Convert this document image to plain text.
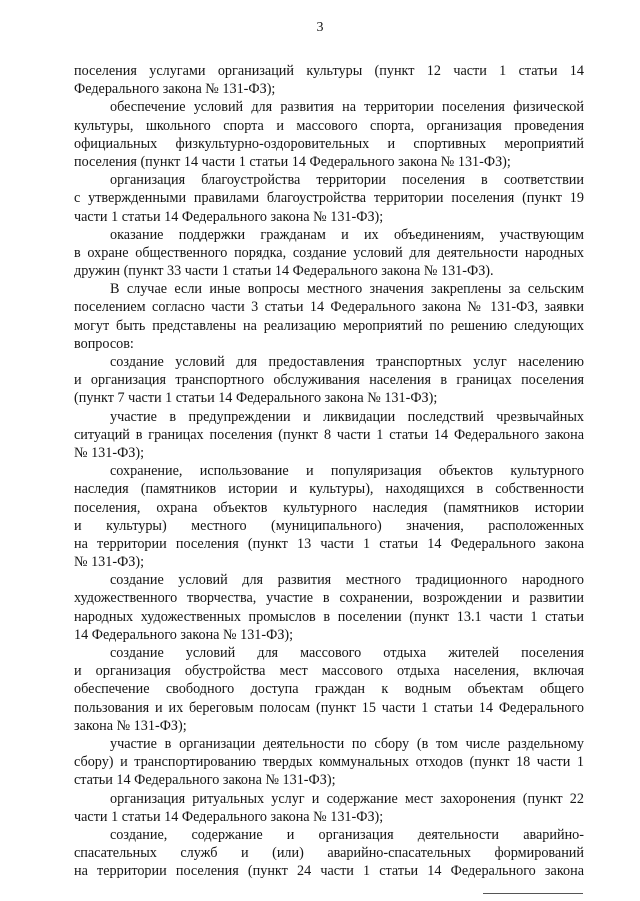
3
поселения услугами организаций культуры (пункт 12 части 1 статьи 14
Федерального закона № 131-ФЗ);
обеспечение условий для развития на территории поселения физической
культуры, школьного спорта и массового спорта, организация проведения
официальных физкультурно-оздоровительных и спортивных мероприятий
поселения (пункт 14 части 1 статьи 14 Федерального закона № 131-ФЗ);
организация благоустройства территории поселения в соответствии
с утвержденными правилами благоустройства территории поселения (пункт 19
части 1 статьи 14 Федерального закона № 131-ФЗ);
оказание поддержки гражданам и их объединениям, участвующим
в охране общественного порядка, создание условий для деятельности народных
дружин (пункт 33 части 1 статьи 14 Федерального закона № 131-ФЗ).
В случае если иные вопросы местного значения закреплены за сельским
поселением согласно части 3 статьи 14 Федерального закона № 131-ФЗ, заявки
могут быть представлены на реализацию мероприятий по решению следующих
вопросов:
создание условий для предоставления транспортных услуг населению
и организация транспортного обслуживания населения в границах поселения
(пункт 7 части 1 статьи 14 Федерального закона № 131-ФЗ);
участие в предупреждении и ликвидации последствий чрезвычайных
ситуаций в границах поселения (пункт 8 части 1 статьи 14 Федерального закона
№ 131-ФЗ);
сохранение, использование и популяризация объектов культурного
наследия (памятников истории и культуры), находящихся в собственности
поселения, охрана объектов культурного наследия (памятников истории
и культуры) местного (муниципального) значения, расположенных
на территории поселения (пункт 13 части 1 статьи 14 Федерального закона
№ 131-ФЗ);
создание условий для развития местного традиционного народного
художественного творчества, участие в сохранении, возрождении и развитии
народных художественных промыслов в поселении (пункт 13.1 части 1 статьи
14 Федерального закона № 131-ФЗ);
создание условий для массового отдыха жителей поселения
и организация обустройства мест массового отдыха населения, включая
обеспечение свободного доступа граждан к водным объектам общего
пользования и их береговым полосам (пункт 15 части 1 статьи 14 Федерального
закона № 131-ФЗ);
участие в организации деятельности по сбору (в том числе раздельному
сбору) и транспортированию твердых коммунальных отходов (пункт 18 части 1
статьи 14 Федерального закона № 131-ФЗ);
организация ритуальных услуг и содержание мест захоронения (пункт 22
части 1 статьи 14 Федерального закона № 131-ФЗ);
создание, содержание и организация деятельности аварийно-
спасательных служб и (или) аварийно-спасательных формирований
на территории поселения (пункт 24 части 1 статьи 14 Федерального закона
